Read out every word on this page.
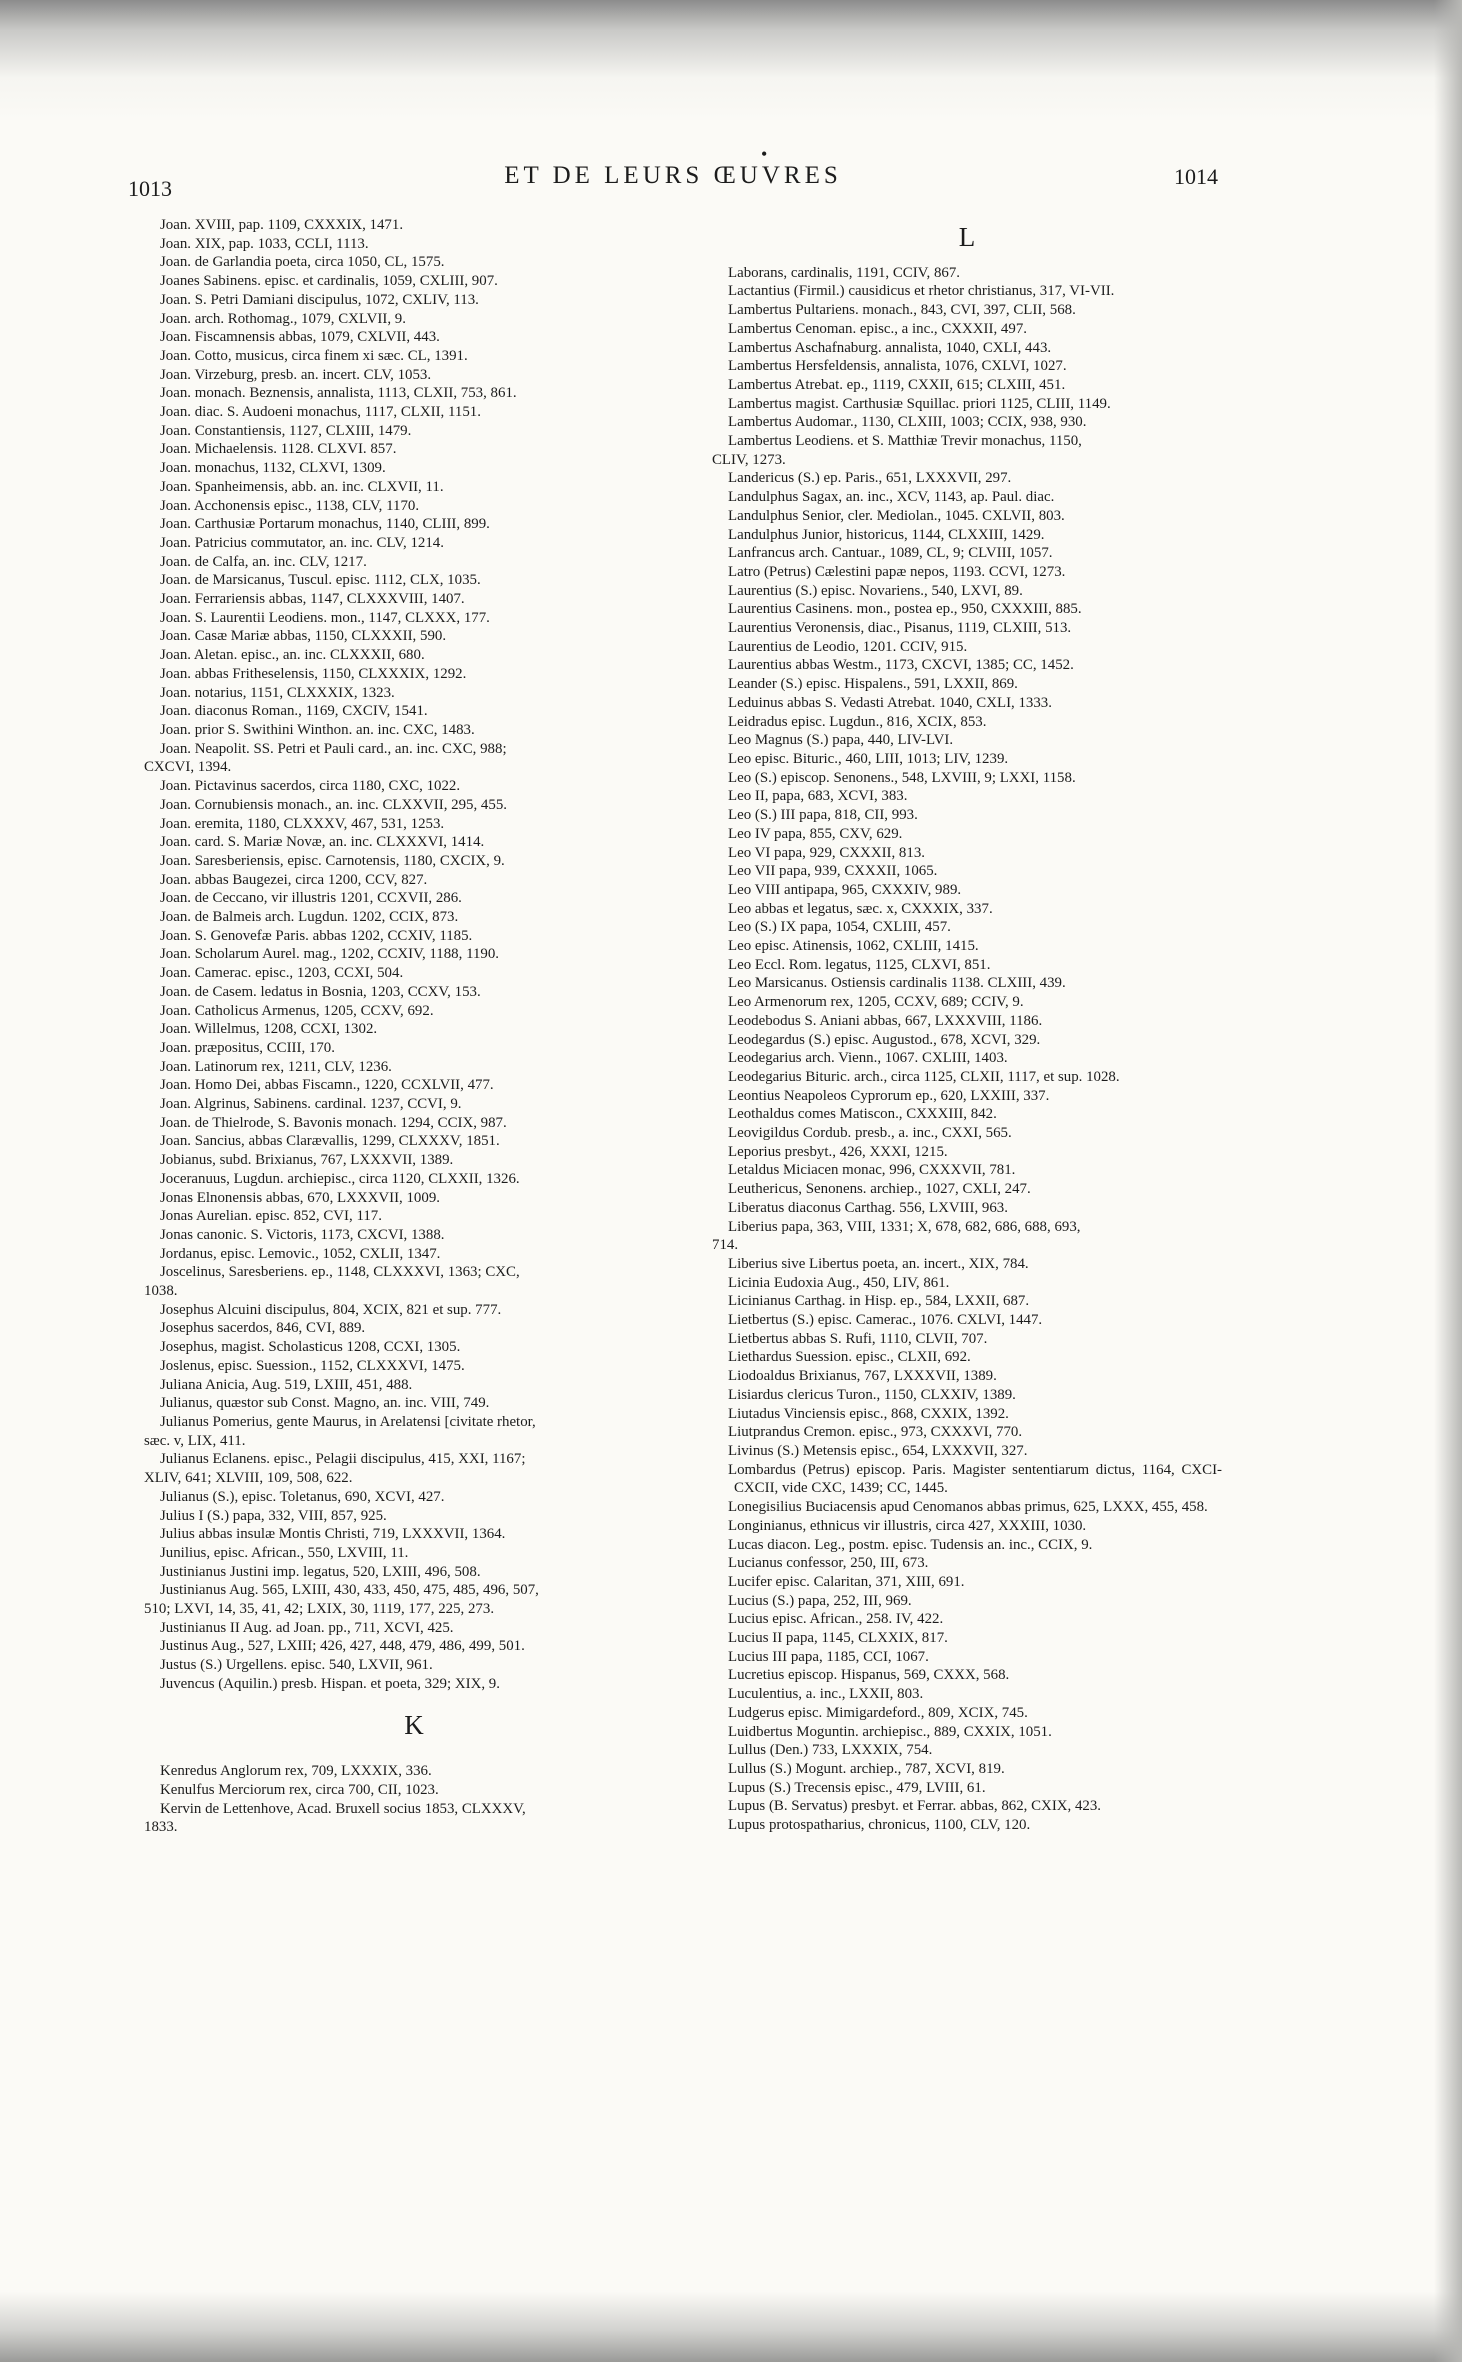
1013
•
ET DE LEURS ŒUVRES	1014

Joan. XVIII, pap. 1109, CXXXIX, 1471.

Joan. XIX, pap. 1033, CCLI, 1113.

Joan. de Garlandia poeta, circa 1050, CL, 1575.

Joanes Sabinens. episc. et cardinalis, 1059, CXLIII, 907.

Joan. S. Petri Damiani discipulus, 1072, CXLIV, 113.

Joan. arch. Rothomag., 1079, CXLVII, 9.

Joan. Fiscamnensis abbas, 1079, CXLVII, 443.

Joan. Cotto, musicus, circa finem xi sæc. CL, 1391.

Joan. Virzeburg, presb. an. incert. CLV, 1053.

Joan. monach. Beznensis, annalista, 1113, CLXII, 753, 861.

Joan. diac. S. Audoeni monachus, 1117, CLXII, 1151.

Joan. Constantiensis, 1127, CLXIII, 1479.

Joan. Michaelensis. 1128. CLXVI. 857.

Joan. monachus, 1132, CLXVI, 1309.

Joan. Spanheimensis, abb. an. inc. CLXVII, 11.

Joan. Acchonensis episc., 1138, CLV, 1170.

Joan. Carthusiæ Portarum monachus, 1140, CLIII, 899.

Joan. Patricius commutator, an. inc. CLV, 1214.

Joan. de Calfa, an. inc. CLV, 1217.

Joan. de Marsicanus, Tuscul. episc. 1112, CLX, 1035.

Joan. Ferrariensis abbas, 1147, CLXXXVIII, 1407.

Joan. S. Laurentii Leodiens. mon., 1147, CLXXX, 177.

Joan. Casæ Mariæ abbas, 1150, CLXXXII, 590.

Joan. Aletan. episc., an. inc. CLXXXII, 680.

Joan. abbas Fritheselensis, 1150, CLXXXIX, 1292.

Joan. notarius, 1151, CLXXXIX, 1323.

Joan. diaconus Roman., 1169, CXCIV, 1541.

Joan. prior S. Swithini Winthon. an. inc. CXC, 1483.

Joan. Neapolit. SS. Petri et Pauli card., an. inc. CXC, 988;

CXCVI, 1394.

Joan. Pictavinus sacerdos, circa 1180, CXC, 1022.

Joan. Cornubiensis monach., an. inc. CLXXVII, 295, 455.

Joan. eremita, 1180, CLXXXV, 467, 531, 1253.

Joan. card. S. Mariæ Novæ, an. inc. CLXXXVI, 1414.

Joan. Saresberiensis, episc. Carnotensis, 1180, CXCIX, 9.

Joan. abbas Baugezei, circa 1200, CCV, 827.

Joan. de Ceccano, vir illustris 1201, CCXVII, 286.

Joan. de Balmeis arch. Lugdun. 1202, CCIX, 873.

Joan. S. Genovefæ Paris. abbas 1202, CCXIV, 1185.

Joan. Scholarum Aurel. mag., 1202, CCXIV, 1188, 1190.

Joan. Camerac. episc., 1203, CCXI, 504.

Joan. de Casem. ledatus in Bosnia, 1203, CCXV, 153.

Joan. Catholicus Armenus, 1205, CCXV, 692.

Joan. Willelmus, 1208, CCXI, 1302.

Joan. præpositus, CCIII, 170.

Joan. Latinorum rex, 1211, CLV, 1236.

Joan. Homo Dei, abbas Fiscamn., 1220, CCXLVII, 477.

Joan. Algrinus, Sabinens. cardinal. 1237, CCVI, 9.

Joan. de Thielrode, S. Bavonis monach. 1294, CCIX, 987.

Joan. Sancius, abbas Clarævallis, 1299, CLXXXV, 1851.

Jobianus, subd. Brixianus, 767, LXXXVII, 1389.

Joceranuus, Lugdun. archiepisc., circa 1120, CLXXII, 1326.

Jonas Elnonensis abbas, 670, LXXXVII, 1009.

Jonas Aurelian. episc. 852, CVI, 117.

Jonas canonic. S. Victoris, 1173, CXCVI, 1388.

Jordanus, episc. Lemovic., 1052, CXLII, 1347.

Joscelinus, Saresberiens. ep., 1148, CLXXXVI, 1363; CXC,

1038.

Josephus Alcuini discipulus, 804, XCIX, 821 et sup. 777.

Josephus sacerdos, 846, CVI, 889.

Josephus, magist. Scholasticus 1208, CCXI, 1305.

Joslenus, episc. Suession., 1152, CLXXXVI, 1475.

Juliana Anicia, Aug. 519, LXIII, 451, 488.

Julianus, quæstor sub Const. Magno, an. inc. VIII, 749.

Julianus Pomerius, gente Maurus, in Arelatensi [civitate rhetor,

sæc. v, LIX, 411.

Julianus Eclanens. episc., Pelagii discipulus, 415, XXI, 1167;

XLIV, 641; XLVIII, 109, 508, 622.

Julianus (S.), episc. Toletanus, 690, XCVI, 427.

Julius I (S.) papa, 332, VIII, 857, 925.

Julius abbas insulæ Montis Christi, 719, LXXXVII, 1364.

Junilius, episc. African., 550, LXVIII, 11.

Justinianus Justini imp. legatus, 520, LXIII, 496, 508.

Justinianus Aug. 565, LXIII, 430, 433, 450, 475, 485, 496, 507,

510; LXVI, 14, 35, 41, 42; LXIX, 30, 1119, 177, 225, 273.

Justinianus II Aug. ad Joan. pp., 711, XCVI, 425.

Justinus Aug., 527, LXIII; 426, 427, 448, 479, 486, 499, 501.

Justus (S.) Urgellens. episc. 540, LXVII, 961.

Juvencus (Aquilin.) presb. Hispan. et poeta, 329; XIX, 9.

K

Kenredus Anglorum rex, 709, LXXXIX, 336.

Kenulfus Merciorum rex, circa 700, CII, 1023.

Kervin de Lettenhove, Acad. Bruxell socius 1853, CLXXXV,

1833.

L

Laborans, cardinalis, 1191, CCIV, 867.

Lactantius (Firmil.) causidicus et rhetor christianus, 317, VI-VII.

Lambertus Pultariens. monach., 843, CVI, 397, CLII, 568.

Lambertus Cenoman. episc., a inc., CXXXII, 497.

Lambertus Aschafnaburg. annalista, 1040, CXLI, 443.

Lambertus Hersfeldensis, annalista, 1076, CXLVI, 1027.

Lambertus Atrebat. ep., 1119, CXXII, 615; CLXIII, 451.

Lambertus magist. Carthusiæ Squillac. priori 1125, CLIII, 1149.

Lambertus Audomar., 1130, CLXIII, 1003; CCIX, 938, 930.

Lambertus Leodiens. et S. Matthiæ Trevir monachus, 1150,

CLIV, 1273.

Landericus (S.) ep. Paris., 651, LXXXVII, 297.

Landulphus Sagax, an. inc., XCV, 1143, ap. Paul. diac.

Landulphus Senior, cler. Mediolan., 1045. CXLVII, 803.

Landulphus Junior, historicus, 1144, CLXXIII, 1429.

Lanfrancus arch. Cantuar., 1089, CL, 9; CLVIII, 1057.

Latro (Petrus) Cælestini papæ nepos, 1193. CCVI, 1273.

Laurentius (S.) episc. Novariens., 540, LXVI, 89.

Laurentius Casinens. mon., postea ep., 950, CXXXIII, 885.

Laurentius Veronensis, diac., Pisanus, 1119, CLXIII, 513.

Laurentius de Leodio, 1201. CCIV, 915.

Laurentius abbas Westm., 1173, CXCVI, 1385; CC, 1452.

Leander (S.) episc. Hispalens., 591, LXXII, 869.

Leduinus abbas S. Vedasti Atrebat. 1040, CXLI, 1333.

Leidradus episc. Lugdun., 816, XCIX, 853.

Leo Magnus (S.) papa, 440, LIV-LVI.

Leo episc. Bituric., 460, LIII, 1013; LIV, 1239.

Leo (S.) episcop. Senonens., 548, LXVIII, 9; LXXI, 1158.

Leo II, papa, 683, XCVI, 383.

Leo (S.) III papa, 818, CII, 993.

Leo IV papa, 855, CXV, 629.

Leo VI papa, 929, CXXXII, 813.

Leo VII papa, 939, CXXXII, 1065.

Leo VIII antipapa, 965, CXXXIV, 989.

Leo abbas et legatus, sæc. x, CXXXIX, 337.

Leo (S.) IX papa, 1054, CXLIII, 457.

Leo episc. Atinensis, 1062, CXLIII, 1415.

Leo Eccl. Rom. legatus, 1125, CLXVI, 851.

Leo Marsicanus. Ostiensis cardinalis 1138. CLXIII, 439.

Leo Armenorum rex, 1205, CCXV, 689; CCIV, 9.

Leodebodus S. Aniani abbas, 667, LXXXVIII, 1186.

Leodegardus (S.) episc. Augustod., 678, XCVI, 329.

Leodegarius arch. Vienn., 1067. CXLIII, 1403.

Leodegarius Bituric. arch., circa 1125, CLXII, 1117, et sup. 1028.

Leontius Neapoleos Cyprorum ep., 620, LXXIII, 337.

Leothaldus comes Matiscon., CXXXIII, 842.

Leovigildus Cordub. presb., a. inc., CXXI, 565.

Leporius presbyt., 426, XXXI, 1215.

Letaldus Miciacen monac, 996, CXXXVII, 781.

Leuthericus, Senonens. archiep., 1027, CXLI, 247.

Liberatus diaconus Carthag. 556, LXVIII, 963.

Liberius papa, 363, VIII, 1331; X, 678, 682, 686, 688, 693,

714.

Liberius sive Libertus poeta, an. incert., XIX, 784.

Licinia Eudoxia Aug., 450, LIV, 861.

Licinianus Carthag. in Hisp. ep., 584, LXXII, 687.

Lietbertus (S.) episc. Camerac., 1076. CXLVI, 1447.

Lietbertus abbas S. Rufi, 1110, CLVII, 707.

Liethardus Suession. episc., CLXII, 692.

Liodoaldus Brixianus, 767, LXXXVII, 1389.

Lisiardus clericus Turon., 1150, CLXXIV, 1389.

Liutadus Vinciensis episc., 868, CXXIX, 1392.

Liutprandus Cremon. episc., 973, CXXXVI, 770.

Livinus (S.) Metensis episc., 654, LXXXVII, 327.

Lombardus (Petrus) episcop. Paris. Magister sententiarum dictus, 1164, CXCI-CXCII, vide CXC, 1439; CC, 1445.

Lonegisilius Buciacensis apud Cenomanos abbas primus, 625, LXXX, 455, 458.

Longinianus, ethnicus vir illustris, circa 427, XXXIII, 1030.

Lucas diacon. Leg., postm. episc. Tudensis an. inc., CCIX, 9.

Lucianus confessor, 250, III, 673.

Lucifer episc. Calaritan, 371, XIII, 691.

Lucius (S.) papa, 252, III, 969.

Lucius episc. African., 258. IV, 422.

Lucius II papa, 1145, CLXXIX, 817.

Lucius III papa, 1185, CCI, 1067.

Lucretius episcop. Hispanus, 569, CXXX, 568.

Luculentius, a. inc., LXXII, 803.

Ludgerus episc. Mimigardeford., 809, XCIX, 745.

Luidbertus Moguntin. archiepisc., 889, CXXIX, 1051.

Lullus (Den.) 733, LXXXIX, 754.

Lullus (S.) Mogunt. archiep., 787, XCVI, 819.

Lupus (S.) Trecensis episc., 479, LVIII, 61.

Lupus (B. Servatus) presbyt. et Ferrar. abbas, 862, CXIX, 423.

Lupus protospatharius, chronicus, 1100, CLV, 120.
